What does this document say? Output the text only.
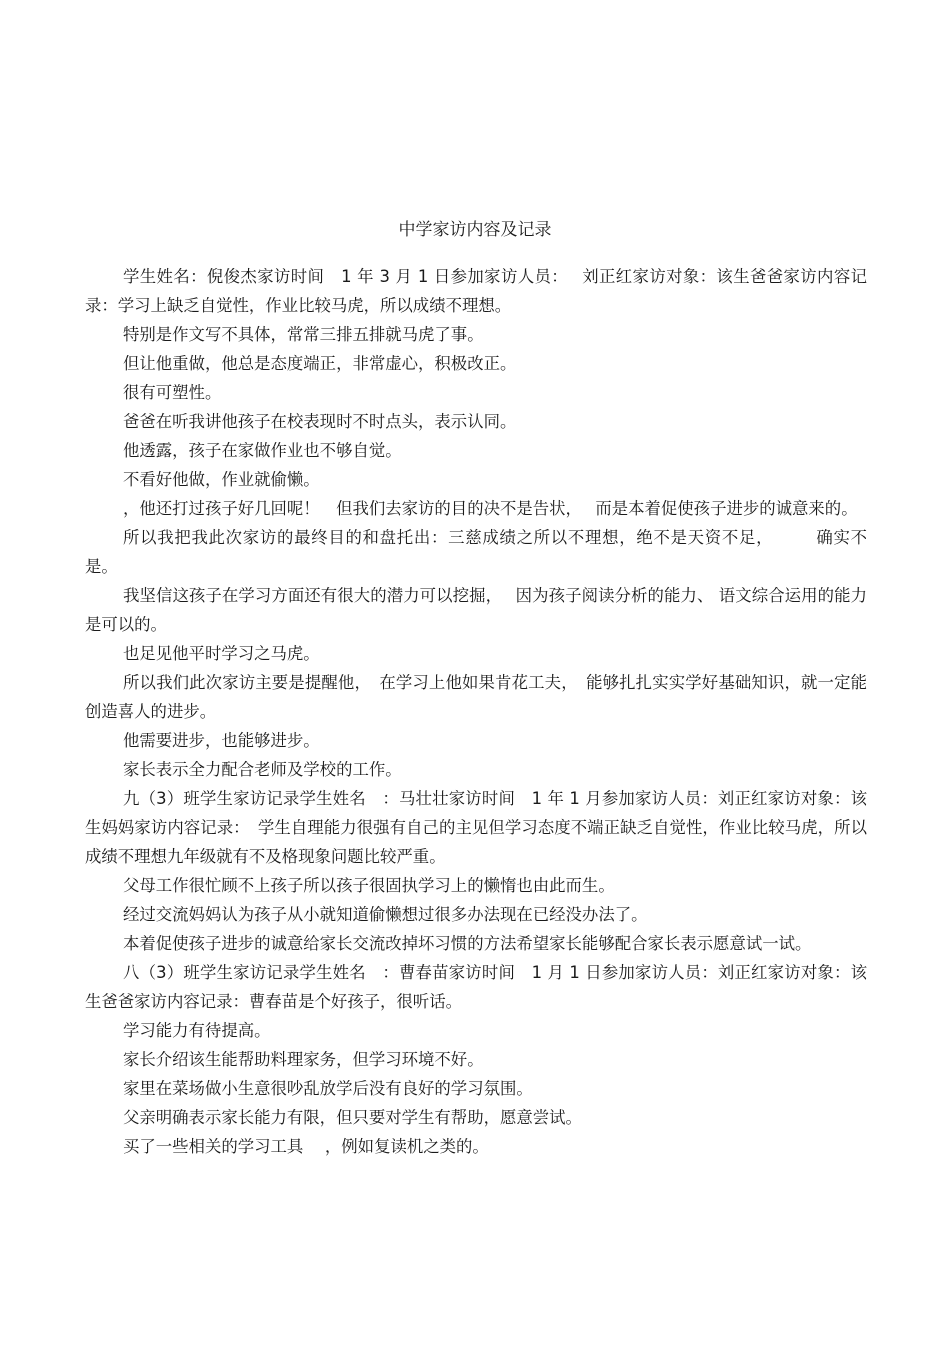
中学家访内容及记录

学生姓名：倪俊杰家访时间　1 年 3 月 1 日参加家访人员：　 刘正红家访对象：该生爸爸家访内容记录：学习上缺乏自觉性，作业比较马虎，所以成绩不理想。

特别是作文写不具体，常常三排五排就马虎了事。

但让他重做，他总是态度端正，非常虚心，积极改正。

很有可塑性。

爸爸在听我讲他孩子在校表现时不时点头，表示认同。

他透露，孩子在家做作业也不够自觉。

不看好他做，作业就偷懒。

，他还打过孩子好几回呢！　但我们去家访的目的决不是告状，　 而是本着促使孩子进步的诚意来的。

所以我把我此次家访的最终目的和盘托出：三慈成绩之所以不理想，绝不是天资不足，　　　确实不是。

我坚信这孩子在学习方面还有很大的潜力可以挖掘，　 因为孩子阅读分析的能力、 语文综合运用的能力是可以的。

也足见他平时学习之马虎。

所以我们此次家访主要是提醒他，　在学习上他如果肯花工夫，　能够扎扎实实学好基础知识，就一定能创造喜人的进步。

他需要进步，也能够进步。

家长表示全力配合老师及学校的工作。

九（3）班学生家访记录学生姓名　：马壮壮家访时间　1 年 1 月参加家访人员：刘正红家访对象：该生妈妈家访内容记录：　学生自理能力很强有自己的主见但学习态度不端正缺乏自觉性，作业比较马虎，所以成绩不理想九年级就有不及格现象问题比较严重。

父母工作很忙顾不上孩子所以孩子很固执学习上的懒惰也由此而生。

经过交流妈妈认为孩子从小就知道偷懒想过很多办法现在已经没办法了。

本着促使孩子进步的诚意给家长交流改掉坏习惯的方法希望家长能够配合家长表示愿意试一试。

八（3）班学生家访记录学生姓名　：曹春苗家访时间　1 月 1 日参加家访人员：刘正红家访对象：该生爸爸家访内容记录：曹春苗是个好孩子，很听话。

学习能力有待提高。

家长介绍该生能帮助料理家务，但学习环境不好。

家里在菜场做小生意很吵乱放学后没有良好的学习氛围。

父亲明确表示家长能力有限，但只要对学生有帮助，愿意尝试。

买了一些相关的学习工具　 ，例如复读机之类的。
